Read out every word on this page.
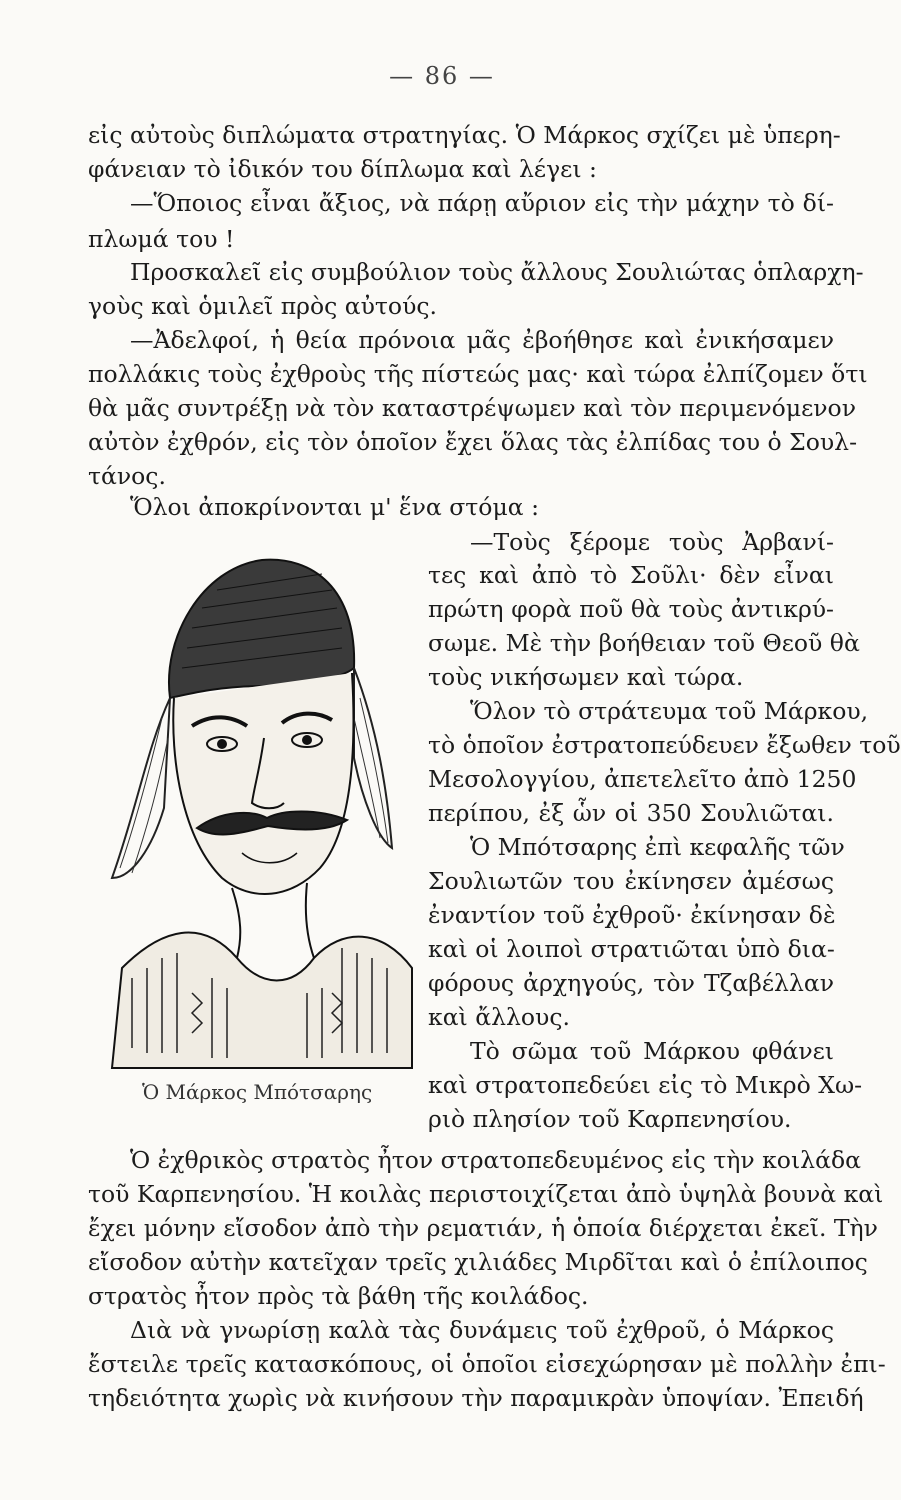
— 86 —
εἰς αὐτοὺς διπλώματα στρατηγίας. Ὁ Μάρκος σχίζει μὲ ὑπερη-
φάνειαν τὸ ἰδικόν του δίπλωμα καὶ λέγει :
—Ὅποιος εἶναι ἄξιος, νὰ πάρῃ αὔριον εἰς τὴν μάχην τὸ δί-
πλωμά του !
Προσκαλεῖ εἰς συμβούλιον τοὺς ἄλλους Σουλιώτας ὁπλαρχη-
γοὺς καὶ ὁμιλεῖ πρὸς αὐτούς.
—Ἀδελφοί, ἡ θεία πρόνοια μᾶς ἐβοήθησε καὶ ἐνικήσαμεν
πολλάκις τοὺς ἐχθροὺς τῆς πίστεώς μας· καὶ τώρα ἐλπίζομεν ὅτι
θὰ μᾶς συντρέξῃ νὰ τὸν καταστρέψωμεν καὶ τὸν περιμενόμενον
αὐτὸν ἐχθρόν, εἰς τὸν ὁποῖον ἔχει ὅλας τὰς ἐλπίδας του ὁ Σουλ-
τάνος.
Ὅλοι ἀποκρίνονται μ' ἕνα στόμα :
Ὁ Μάρκος Μπότσαρης
—Τοὺς ξέρομε τοὺς Ἀρβανί-
τες καὶ ἀπὸ τὸ Σοῦλι· δὲν εἶναι
πρώτη φορὰ ποῦ θὰ τοὺς ἀντικρύ-
σωμε. Μὲ τὴν βοήθειαν τοῦ Θεοῦ θὰ
τοὺς νικήσωμεν καὶ τώρα.
Ὅλον τὸ στράτευμα τοῦ Μάρκου,
τὸ ὁποῖον ἐστρατοπεύδευεν ἔξωθεν τοῦ
Μεσολογγίου, ἀπετελεῖτο ἀπὸ 1250
περίπου, ἐξ ὧν οἱ 350 Σουλιῶται.
Ὁ Μπότσαρης ἐπὶ κεφαλῆς τῶν
Σουλιωτῶν του ἐκίνησεν ἀμέσως
ἐναντίον τοῦ ἐχθροῦ· ἐκίνησαν δὲ
καὶ οἱ λοιποὶ στρατιῶται ὑπὸ δια-
φόρους ἀρχηγούς, τὸν Τζαβέλλαν
καὶ ἄλλους.
Τὸ σῶμα τοῦ Μάρκου φθάνει
καὶ στρατοπεδεύει εἰς τὸ Μικρὸ Χω-
ριὸ πλησίον τοῦ Καρπενησίου.
Ὁ ἐχθρικὸς στρατὸς ἦτον στρατοπεδευμένος εἰς τὴν κοιλάδα
τοῦ Καρπενησίου. Ἡ κοιλὰς περιστοιχίζεται ἀπὸ ὑψηλὰ βουνὰ καὶ
ἔχει μόνην εἴσοδον ἀπὸ τὴν ρεματιάν, ἡ ὁποία διέρχεται ἐκεῖ. Τὴν
εἴσοδον αὐτὴν κατεῖχαν τρεῖς χιλιάδες Μιρδῖται καὶ ὁ ἐπίλοιπος
στρατὸς ἦτον πρὸς τὰ βάθη τῆς κοιλάδος.
Διὰ νὰ γνωρίσῃ καλὰ τὰς δυνάμεις τοῦ ἐχθροῦ, ὁ Μάρκος
ἔστειλε τρεῖς κατασκόπους, οἱ ὁποῖοι εἰσεχώρησαν μὲ πολλὴν ἐπι-
τηδειότητα χωρὶς νὰ κινήσουν τὴν παραμικρὰν ὑποψίαν. Ἐπειδή
